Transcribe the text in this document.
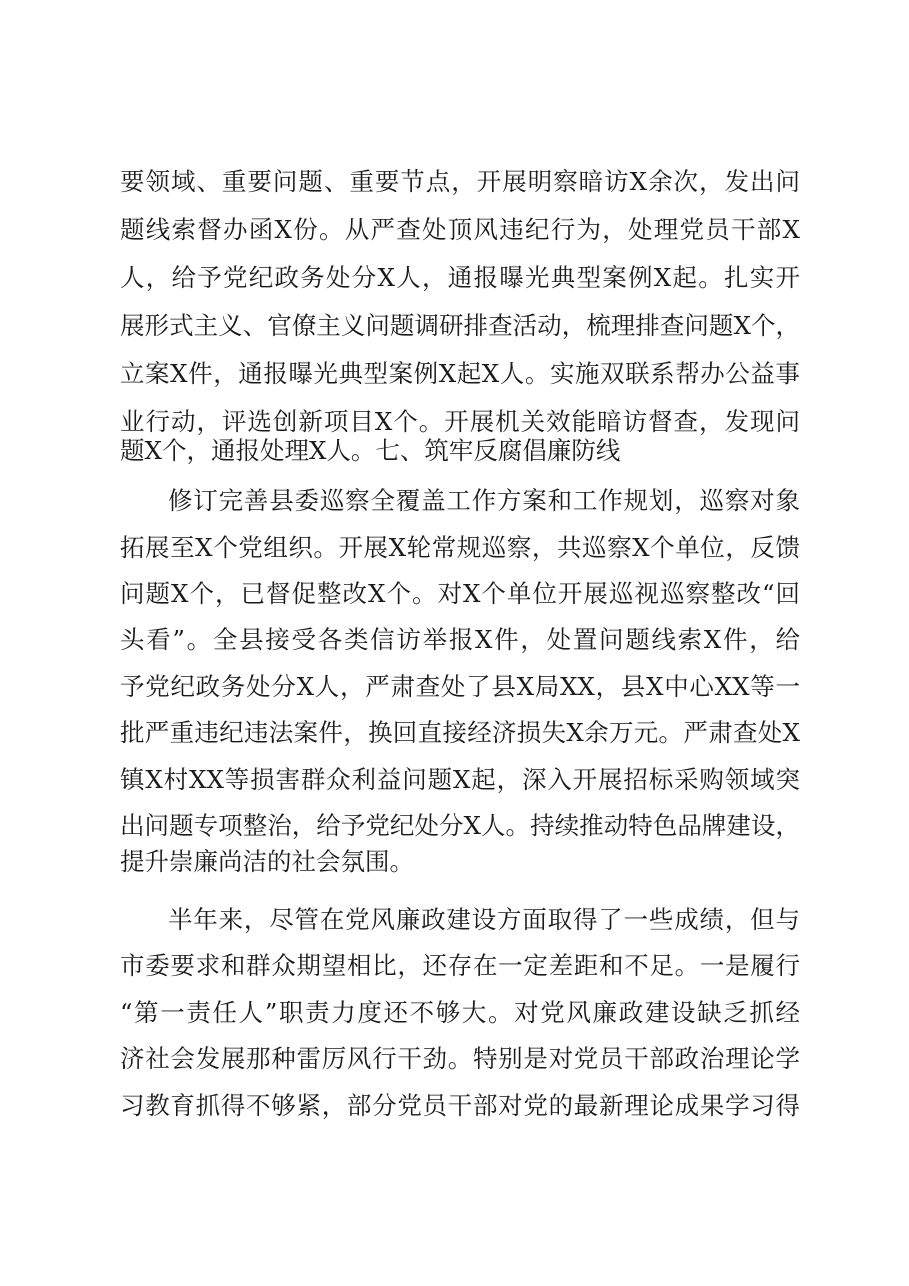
要领域、重要问题、重要节点，开展明察暗访X余次，发出问
题线索督办函X份。从严查处顶风违纪行为，处理党员干部X
人，给予党纪政务处分X人，通报曝光典型案例X起。扎实开
展形式主义、官僚主义问题调研排查活动，梳理排查问题X个，
立案X件，通报曝光典型案例X起X人。实施双联系帮办公益事
业行动，评选创新项目X个。开展机关效能暗访督查，发现问
题X个，通报处理X人。七、筑牢反腐倡廉防线
修订完善县委巡察全覆盖工作方案和工作规划，巡察对象
拓展至X个党组织。开展X轮常规巡察，共巡察X个单位，反馈
问题X个，已督促整改X个。对X个单位开展巡视巡察整改“回
头看”。全县接受各类信访举报X件，处置问题线索X件，给
予党纪政务处分X人，严肃查处了县X局XX，县X中心XX等一
批严重违纪违法案件，换回直接经济损失X余万元。严肃查处X
镇X村XX等损害群众利益问题X起，深入开展招标采购领域突
出问题专项整治，给予党纪处分X人。持续推动特色品牌建设，
提升崇廉尚洁的社会氛围。
半年来，尽管在党风廉政建设方面取得了一些成绩，但与
市委要求和群众期望相比，还存在一定差距和不足。一是履行
“第一责任人”职责力度还不够大。对党风廉政建设缺乏抓经
济社会发展那种雷厉风行干劲。特别是对党员干部政治理论学
习教育抓得不够紧，部分党员干部对党的最新理论成果学习得
